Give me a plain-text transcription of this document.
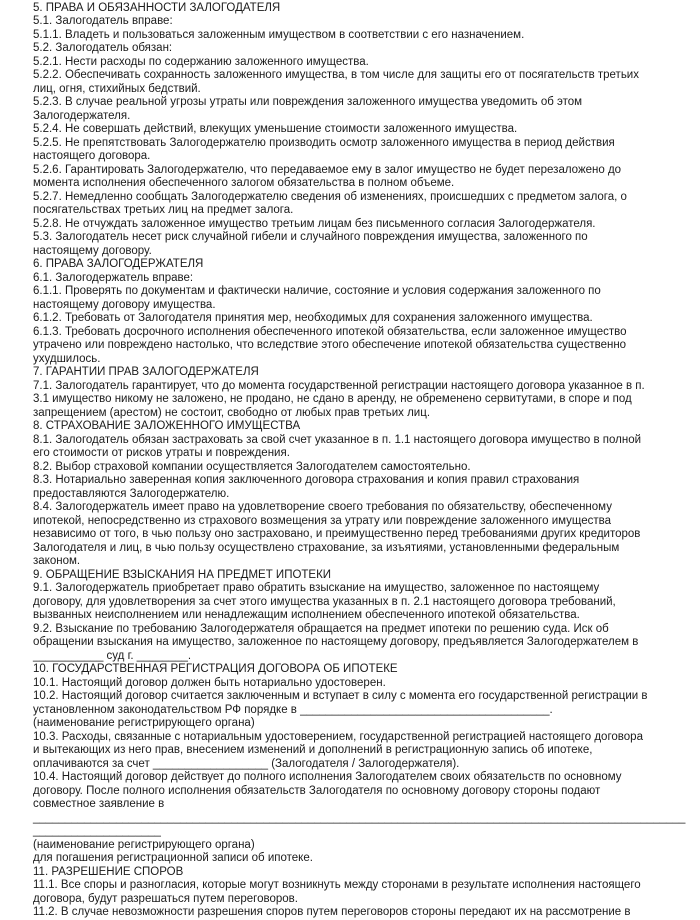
5. ПРАВА И ОБЯЗАННОСТИ ЗАЛОГОДАТЕЛЯ
5.1. Залогодатель вправе:
5.1.1. Владеть и пользоваться заложенным имуществом в соответствии с его назначением.
5.2. Залогодатель обязан:
5.2.1. Нести расходы по содержанию заложенного имущества.
5.2.2. Обеспечивать сохранность заложенного имущества, в том числе для защиты его от посягательств третьих
лиц, огня, стихийных бедствий.
5.2.3. В случае реальной угрозы утраты или повреждения заложенного имущества уведомить об этом
Залогодержателя.
5.2.4. Не совершать действий, влекущих уменьшение стоимости заложенного имущества.
5.2.5. Не препятствовать Залогодержателю производить осмотр заложенного имущества в период действия
настоящего договора.
5.2.6. Гарантировать Залогодержателю, что передаваемое ему в залог имущество не будет перезаложено до
момента исполнения обеспеченного залогом обязательства в полном объеме.
5.2.7. Немедленно сообщать Залогодержателю сведения об изменениях, происшедших с предметом залога, о
посягательствах третьих лиц на предмет залога.
5.2.8. Не отчуждать заложенное имущество третьим лицам без письменного согласия Залогодержателя.
5.3. Залогодатель несет риск случайной гибели и случайного повреждения имущества, заложенного по
настоящему договору.
6. ПРАВА ЗАЛОГОДЕРЖАТЕЛЯ
6.1. Залогодержатель вправе:
6.1.1. Проверять по документам и фактически наличие, состояние и условия содержания заложенного по
настоящему договору имущества.
6.1.2. Требовать от Залогодателя принятия мер, необходимых для сохранения заложенного имущества.
6.1.3. Требовать досрочного исполнения обеспеченного ипотекой обязательства, если заложенное имущество
утрачено или повреждено настолько, что вследствие этого обеспечение ипотекой обязательства существенно
ухудшилось.
7. ГАРАНТИИ ПРАВ ЗАЛОГОДЕРЖАТЕЛЯ
7.1. Залогодатель гарантирует, что до момента государственной регистрации настоящего договора указанное в п.
3.1 имущество никому не заложено, не продано, не сдано в аренду, не обременено сервитутами, в споре и под
запрещением (арестом) не состоит, свободно от любых прав третьих лиц.
8. СТРАХОВАНИЕ ЗАЛОЖЕННОГО ИМУЩЕСТВА
8.1. Залогодатель обязан застраховать за свой счет указанное в п. 1.1 настоящего договора имущество в полной
его стоимости от рисков утраты и повреждения.
8.2. Выбор страховой компании осуществляется Залогодателем самостоятельно.
8.3. Нотариально заверенная копия заключенного договора страхования и копия правил страхования
предоставляются Залогодержателю.
8.4. Залогодержатель имеет право на удовлетворение своего требования по обязательству, обеспеченному
ипотекой, непосредственно из страхового возмещения за утрату или повреждение заложенного имущества
независимо от того, в чью пользу оно застраховано, и преимущественно перед требованиями других кредиторов
Залогодателя и лиц, в чью пользу осуществлено страхование, за изъятиями, установленными федеральным
законом.
9. ОБРАЩЕНИЕ ВЗЫСКАНИЯ НА ПРЕДМЕТ ИПОТЕКИ
9.1. Залогодержатель приобретает право обратить взыскание на имущество, заложенное по настоящему
договору, для удовлетворения за счет этого имущества указанных в п. 2.1 настоящего договора требований,
вызванных неисполнением или ненадлежащим исполнением обеспеченного ипотекой обязательства.
9.2. Взыскание по требованию Залогодержателя обращается на предмет ипотеки по решению суда. Иск об
обращении взыскания на имущество, заложенное по настоящему договору, предъявляется Залогодержателем в
___________ суд г. ________.
10. ГОСУДАРСТВЕННАЯ РЕГИСТРАЦИЯ ДОГОВОРА ОБ ИПОТЕКЕ
10.1. Настоящий договор должен быть нотариально удостоверен.
10.2. Настоящий договор считается заключенным и вступает в силу с момента его государственной регистрации в
установленном законодательством РФ порядке в _______________________________________.
(наименование регистрирующего органа)
10.3. Расходы, связанные с нотариальным удостоверением, государственной регистрацией настоящего договора
и вытекающих из него прав, внесением изменений и дополнений в регистрационную запись об ипотеке,
оплачиваются за счет __________________ (Залогодателя / Залогодержателя).
10.4. Настоящий договор действует до полного исполнения Залогодателем своих обязательств по основному
договору. После полного исполнения обязательств Залогодателя по основному договору стороны подают
совместное заявление в
______________________________________________________________________________________________________
____________________
(наименование регистрирующего органа)
для погашения регистрационной записи об ипотеке.
11. РАЗРЕШЕНИЕ СПОРОВ
11.1. Все споры и разногласия, которые могут возникнуть между сторонами в результате исполнения настоящего
договора, будут разрешаться путем переговоров.
11.2. В случае невозможности разрешения споров путем переговоров стороны передают их на рассмотрение в
